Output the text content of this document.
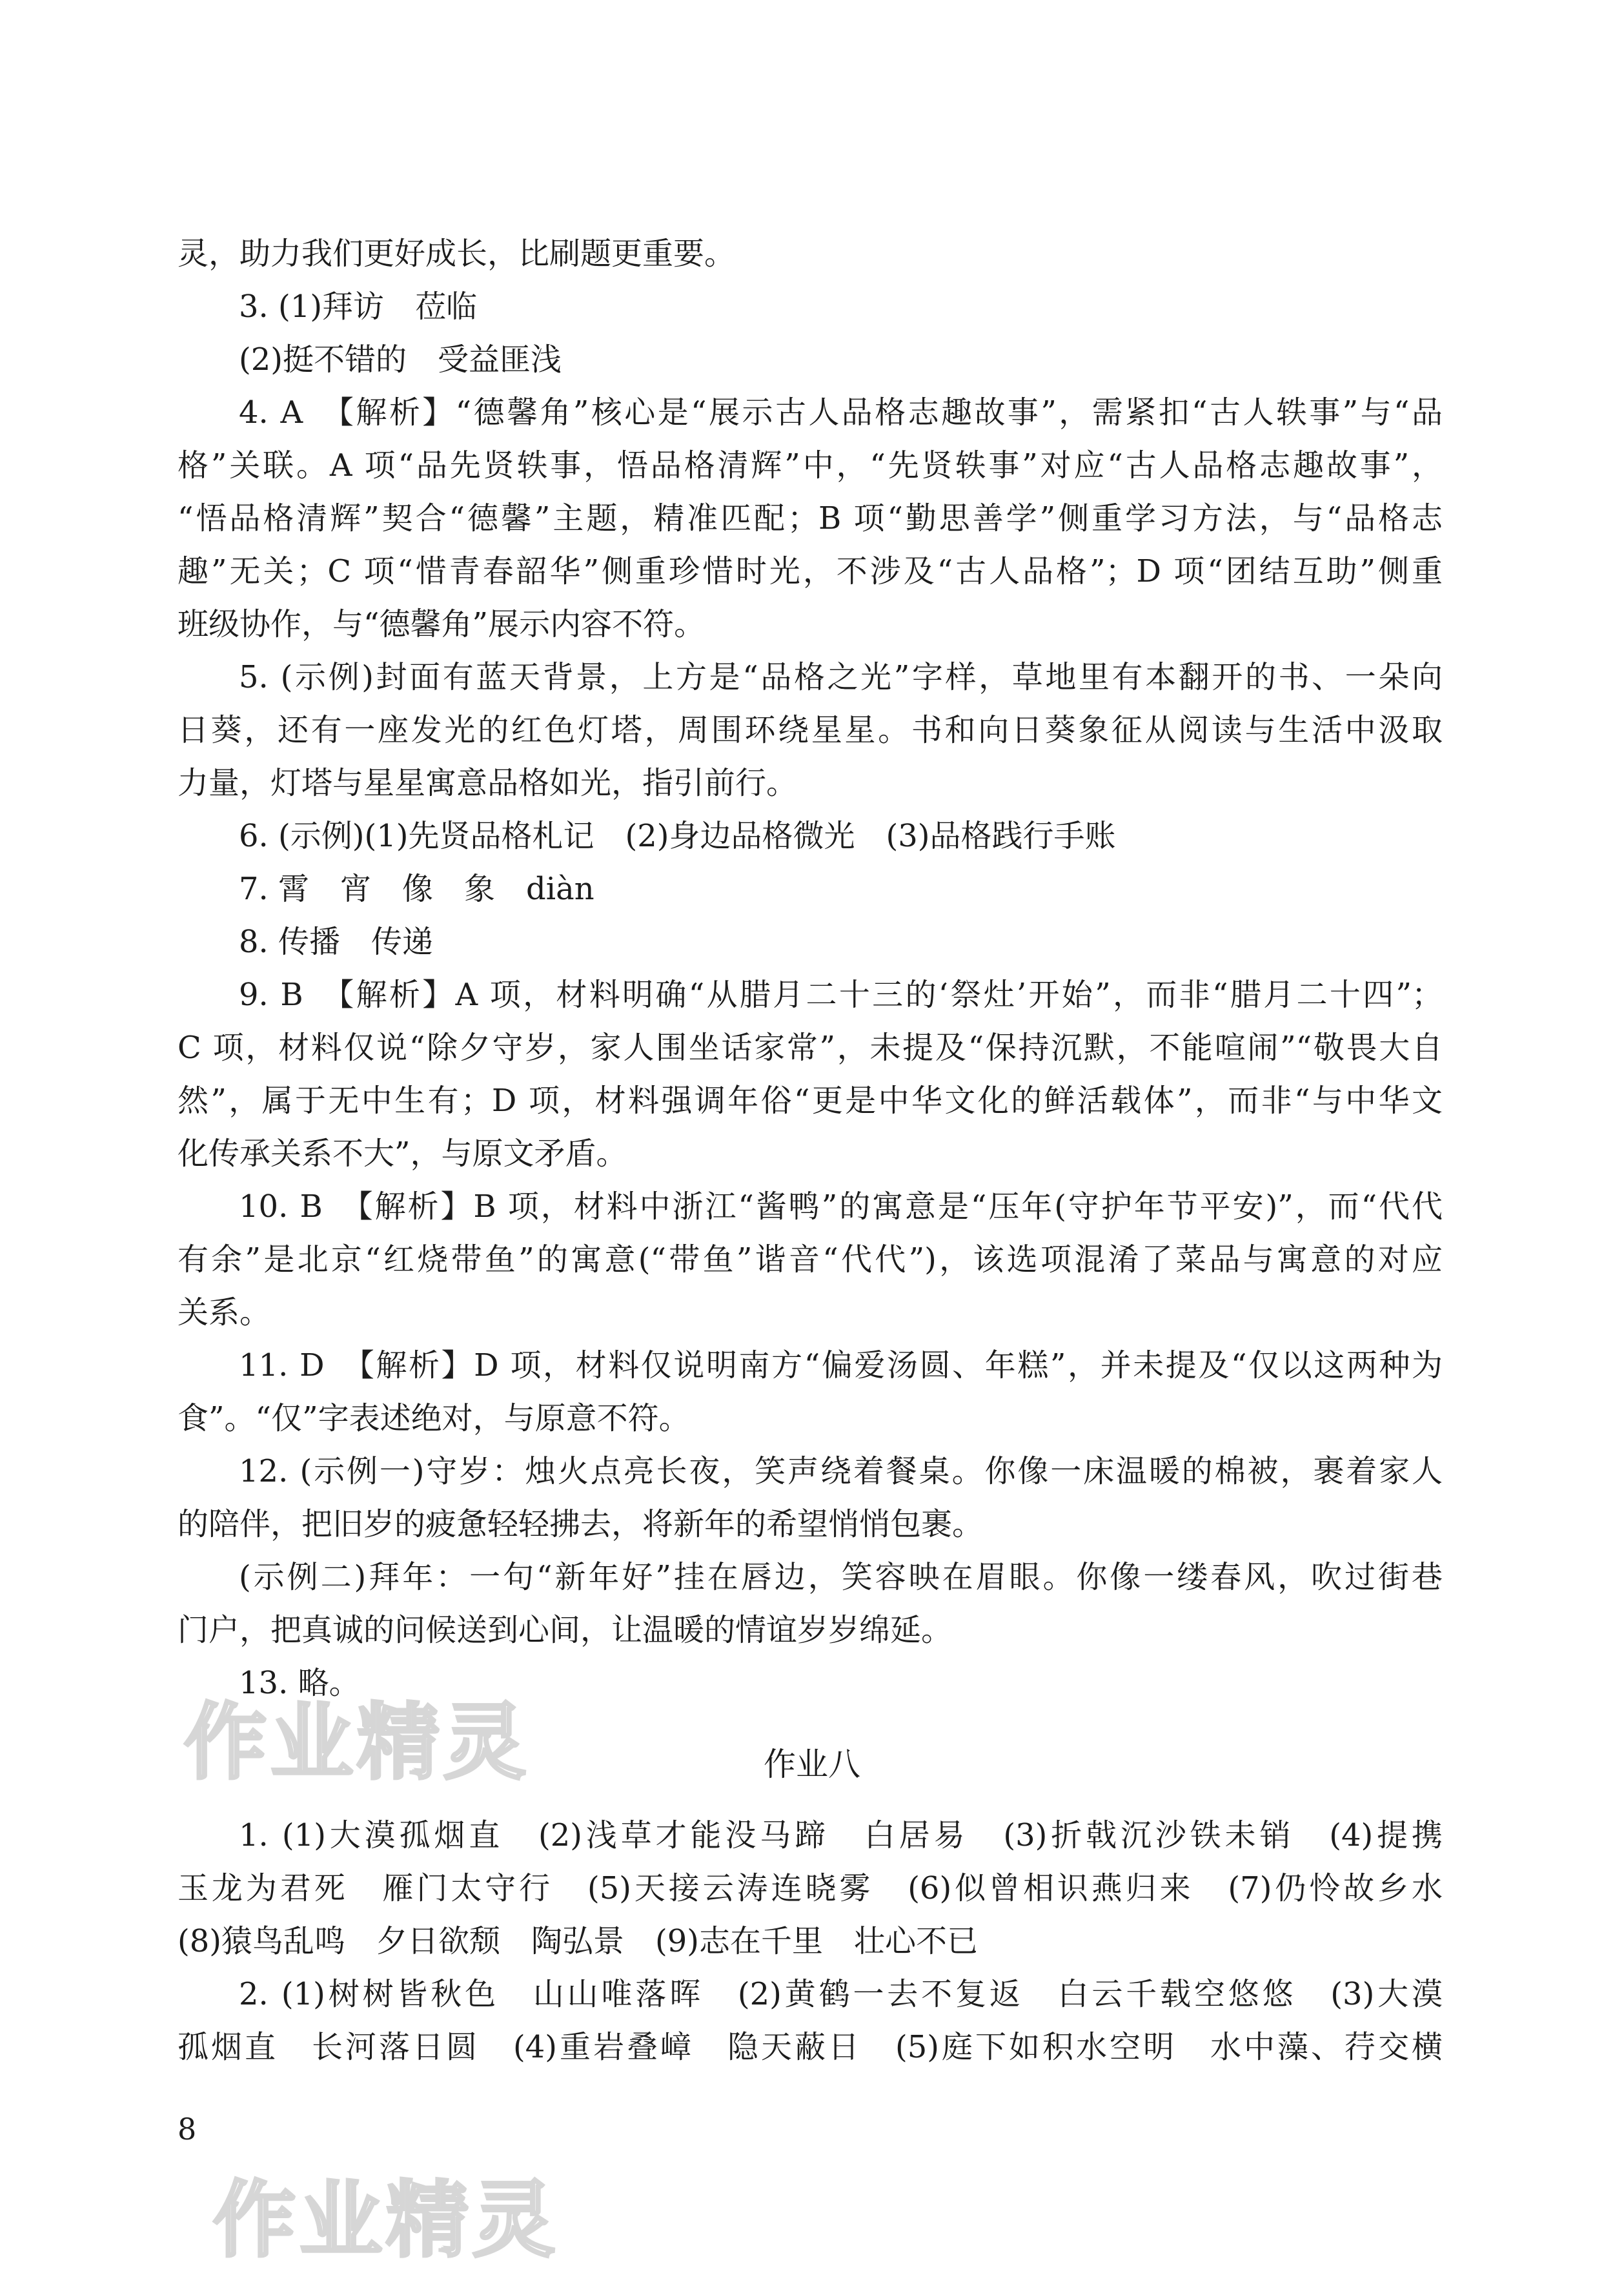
作业精灵
作业精灵
灵，助力我们更好成长，比刷题更重要。
3. (1)拜访　莅临
(2)挺不错的　受益匪浅
4. A　【解析】“德馨角”核心是“展示古人品格志趣故事”，需紧扣“古人轶事”与“品
格”关联。A 项“品先贤轶事，悟品格清辉”中，“先贤轶事”对应“古人品格志趣故事”，
“悟品格清辉”契合“德馨”主题，精准匹配；B 项“勤思善学”侧重学习方法，与“品格志
趣”无关；C 项“惜青春韶华”侧重珍惜时光，不涉及“古人品格”；D 项“团结互助”侧重
班级协作，与“德馨角”展示内容不符。
5. (示例)封面有蓝天背景，上方是“品格之光”字样，草地里有本翻开的书、一朵向
日葵，还有一座发光的红色灯塔，周围环绕星星。书和向日葵象征从阅读与生活中汲取
力量，灯塔与星星寓意品格如光，指引前行。
6. (示例)(1)先贤品格札记　(2)身边品格微光　(3)品格践行手账
7. 霄　宵　像　象　diàn
8. 传播　传递
9. B　【解析】A 项，材料明确“从腊月二十三的‘祭灶’开始”，而非“腊月二十四”；
C 项，材料仅说“除夕守岁，家人围坐话家常”，未提及“保持沉默，不能喧闹”“敬畏大自
然”，属于无中生有；D 项，材料强调年俗“更是中华文化的鲜活载体”，而非“与中华文
化传承关系不大”，与原文矛盾。
10. B　【解析】B 项，材料中浙江“酱鸭”的寓意是“压年(守护年节平安)”，而“代代
有余”是北京“红烧带鱼”的寓意(“带鱼”谐音“代代”)，该选项混淆了菜品与寓意的对应
关系。
11. D　【解析】D 项，材料仅说明南方“偏爱汤圆、年糕”，并未提及“仅以这两种为
食”。“仅”字表述绝对，与原意不符。
12. (示例一)守岁：烛火点亮长夜，笑声绕着餐桌。你像一床温暖的棉被，裹着家人
的陪伴，把旧岁的疲惫轻轻拂去，将新年的希望悄悄包裹。
(示例二)拜年：一句“新年好”挂在唇边，笑容映在眉眼。你像一缕春风，吹过街巷
门户，把真诚的问候送到心间，让温暖的情谊岁岁绵延。
13. 略。
作业八
1. (1)大漠孤烟直　(2)浅草才能没马蹄　白居易　(3)折戟沉沙铁未销　(4)提携
玉龙为君死　雁门太守行　(5)天接云涛连晓雾　(6)似曾相识燕归来　(7)仍怜故乡水
(8)猿鸟乱鸣　夕日欲颓　陶弘景　(9)志在千里　壮心不已
2. (1)树树皆秋色　山山唯落晖　(2)黄鹤一去不复返　白云千载空悠悠　(3)大漠
孤烟直　长河落日圆　(4)重岩叠嶂　隐天蔽日　(5)庭下如积水空明　水中藻、荇交横
8
